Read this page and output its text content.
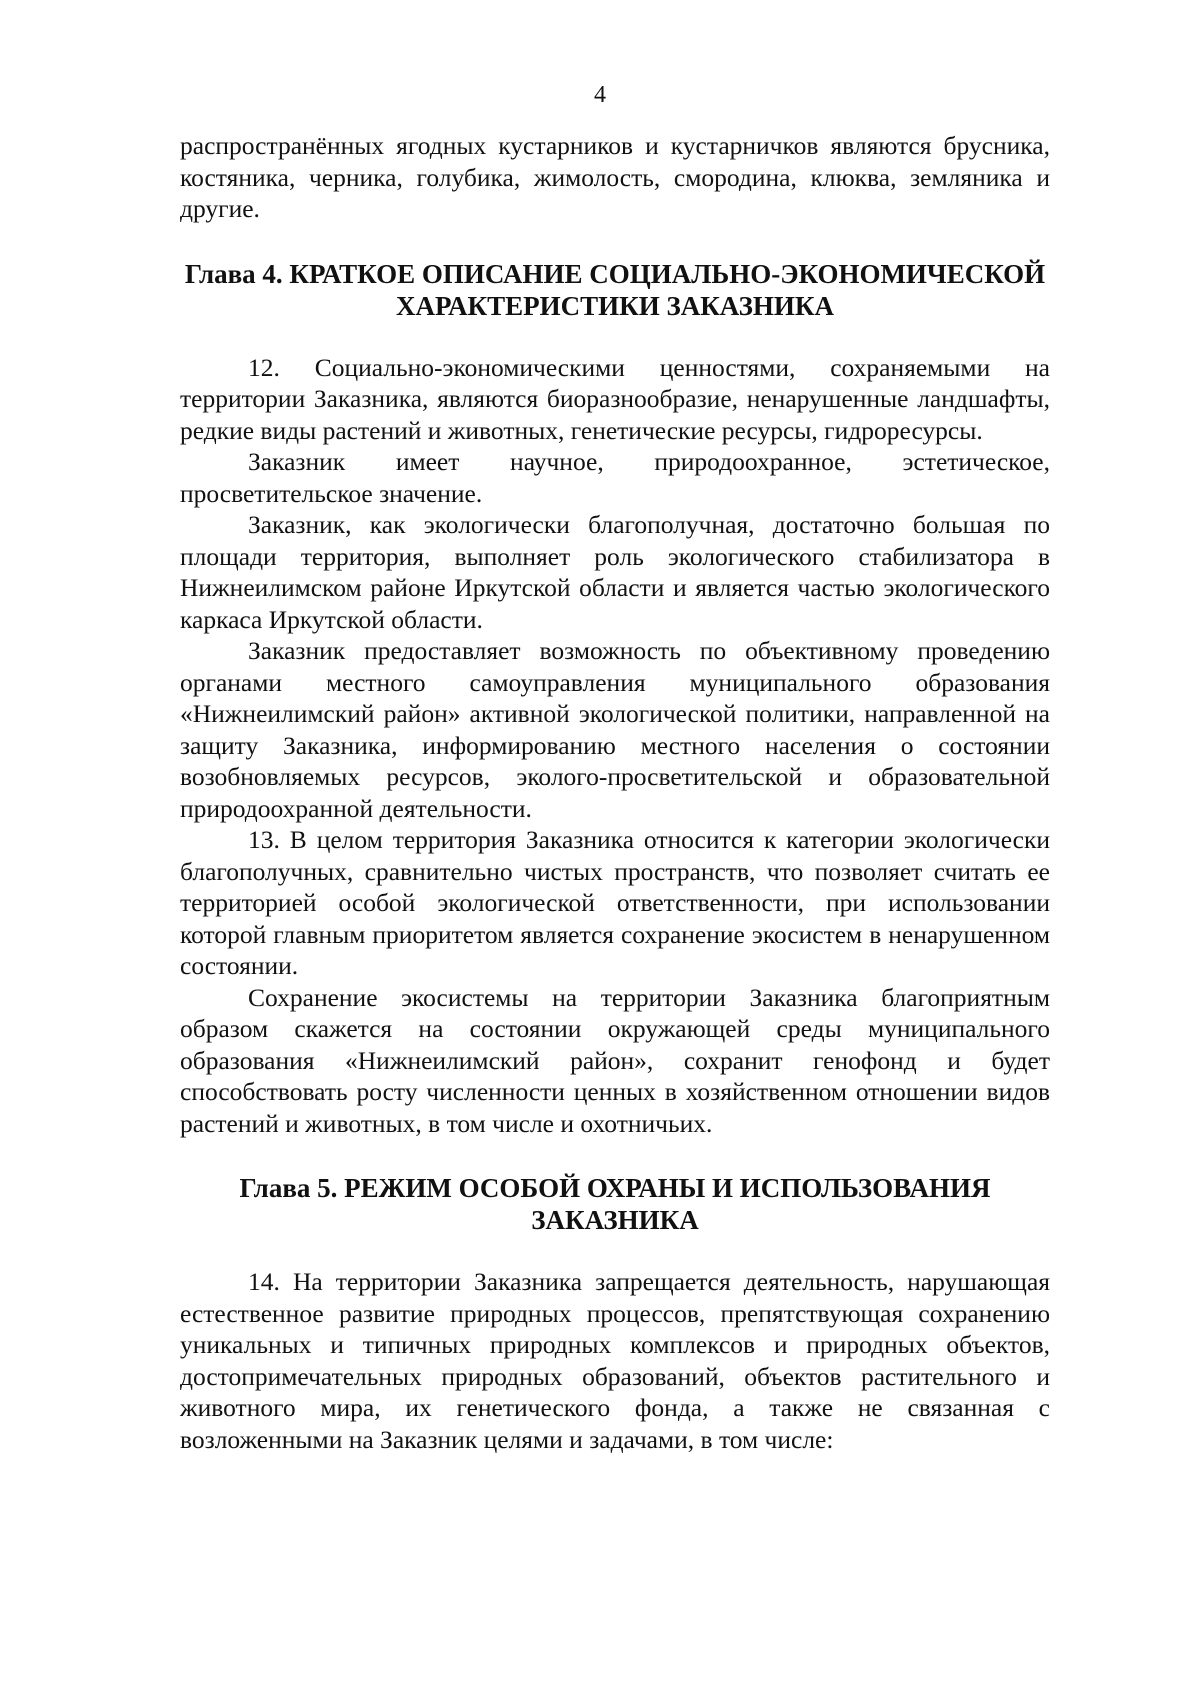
4

распространённых ягодных кустарников и кустарничков являются брусника, костяника, черника, голубика, жимолость, смородина, клюква, земляника и другие.

Глава 4. КРАТКОЕ ОПИСАНИЕ СОЦИАЛЬНО-ЭКОНОМИЧЕСКОЙ
ХАРАКТЕРИСТИКИ ЗАКАЗНИКА

12. Социально-экономическими ценностями, сохраняемыми на территории Заказника, являются биоразнообразие, ненарушенные ландшафты, редкие виды растений и животных, генетические ресурсы, гидроресурсы.

Заказник имеет научное, природоохранное, эстетическое, просветительское значение.

Заказник, как экологически благополучная, достаточно большая по площади территория, выполняет роль экологического стабилизатора в Нижнеилимском районе Иркутской области и является частью экологического каркаса Иркутской области.

Заказник предоставляет возможность по объективному проведению органами местного самоуправления муниципального образования «Нижнеилимский район» активной экологической политики, направленной на защиту Заказника, информированию местного населения о состоянии возобновляемых ресурсов, эколого-просветительской и образовательной природоохранной деятельности.

13. В целом территория Заказника относится к категории экологически благополучных, сравнительно чистых пространств, что позволяет считать ее территорией особой экологической ответственности, при использовании которой главным приоритетом является сохранение экосистем в ненарушенном состоянии.

Сохранение экосистемы на территории Заказника благоприятным образом скажется на состоянии окружающей среды муниципального образования «Нижнеилимский район», сохранит генофонд и будет способствовать росту численности ценных в хозяйственном отношении видов растений и животных, в том числе и охотничьих.

Глава 5. РЕЖИМ ОСОБОЙ ОХРАНЫ И ИСПОЛЬЗОВАНИЯ
ЗАКАЗНИКА

14. На территории Заказника запрещается деятельность, нарушающая естественное развитие природных процессов, препятствующая сохранению уникальных и типичных природных комплексов и природных объектов, достопримечательных природных образований, объектов растительного и животного мира, их генетического фонда, а также не связанная с возложенными на Заказник целями и задачами, в том числе:
